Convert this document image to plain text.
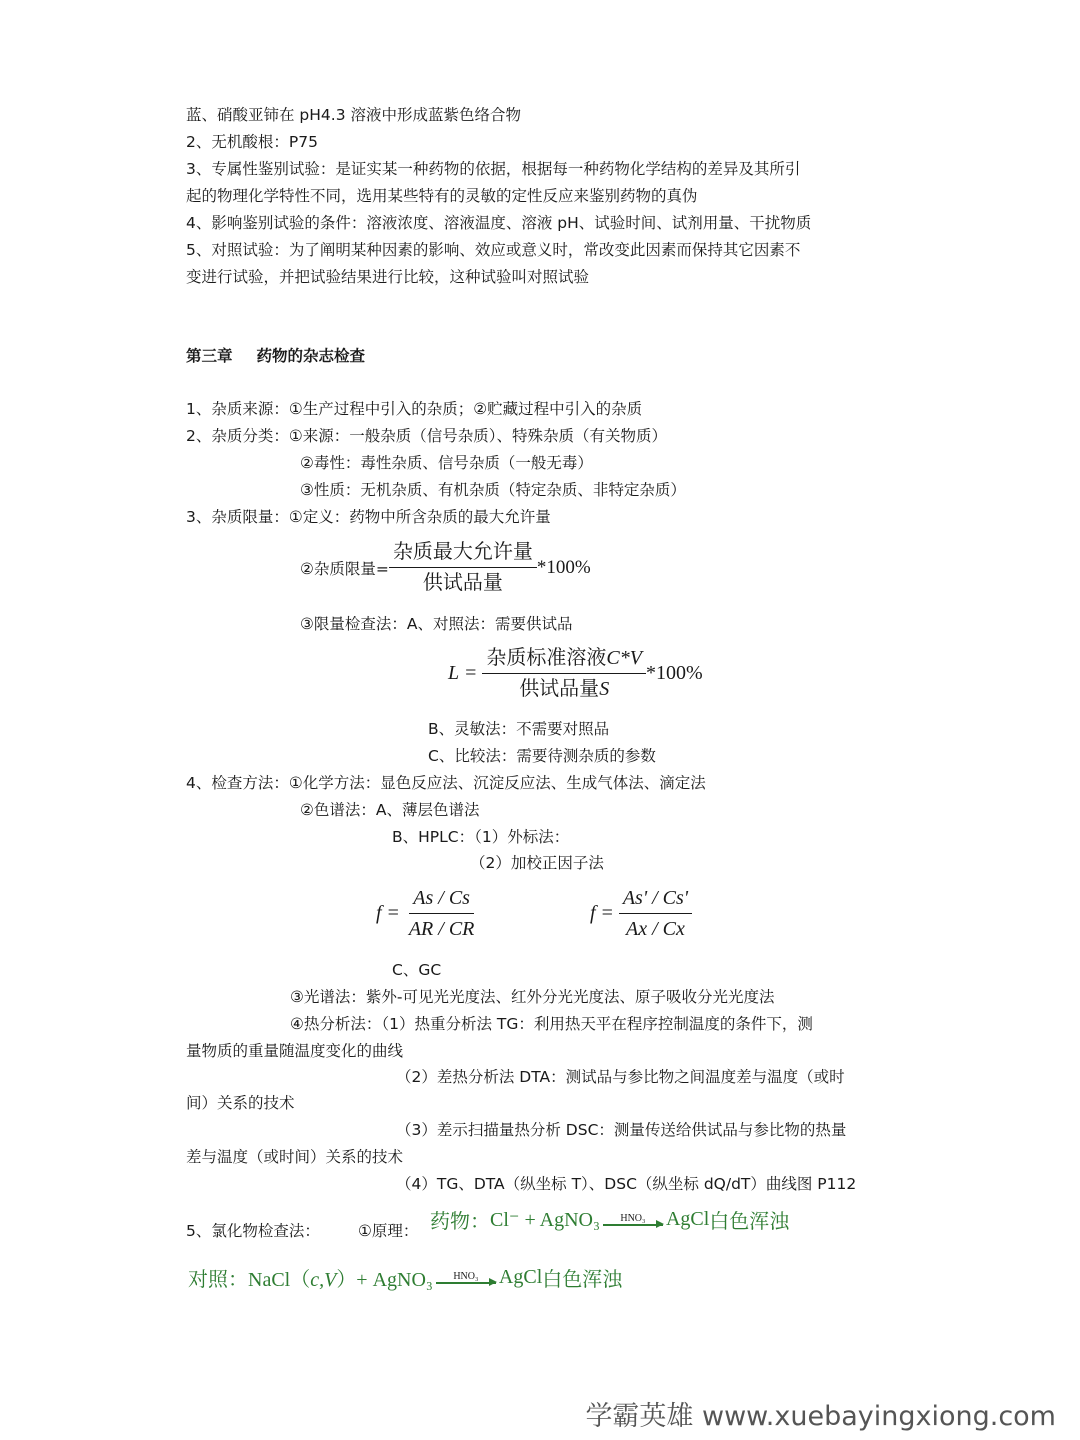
蓝、硝酸亚铈在 pH4.3 溶液中形成蓝紫色络合物
2、无机酸根：P75
3、专属性鉴别试验：是证实某一种药物的依据，根据每一种药物化学结构的差异及其所引
起的物理化学特性不同，选用某些特有的灵敏的定性反应来鉴别药物的真伪
4、影响鉴别试验的条件：溶液浓度、溶液温度、溶液 pH、试验时间、试剂用量、干扰物质
5、对照试验：为了阐明某种因素的影响、效应或意义时，常改变此因素而保持其它因素不
变进行试验，并把试验结果进行比较，这种试验叫对照试验
第三章 药物的杂志检查
1、杂质来源：①生产过程中引入的杂质；②贮藏过程中引入的杂质
2、杂质分类：①来源：一般杂质（信号杂质）、特殊杂质（有关物质）
②毒性：毒性杂质、信号杂质（一般无毒）
③性质：无机杂质、有机杂质（特定杂质、非特定杂质）
3、杂质限量：①定义：药物中所含杂质的最大允许量
②杂质限量= $\frac{\text{杂质最大允许量}}{\text{供试品量}} *100\%$
③限量检查法：A、对照法：需要供试品
$L = \frac{\text{杂质标准溶液C*V}}{\text{供试品量S}} *100\%$
B、灵敏法：不需要对照品
C、比较法：需要待测杂质的参数
4、检查方法：①化学方法：显色反应法、沉淀反应法、生成气体法、滴定法
②色谱法：A、薄层色谱法
B、HPLC：（1）外标法：
（2）加校正因子法
$f = \frac{As / Cs}{AR / CR}$	$f = \frac{As' / Cs'}{Ax / Cx}$
C、GC
③光谱法：紫外-可见光光度法、红外分光光度法、原子吸收分光光度法
④热分析法：（1）热重分析法 TG：利用热天平在程序控制温度的条件下，测
量物质的重量随温度变化的曲线
（2）差热分析法 DTA：测试品与参比物之间温度差与温度（或时
间）关系的技术
（3）差示扫描量热分析 DSC：测量传送给供试品与参比物的热量
差与温度（或时间）关系的技术
（4）TG、DTA（纵坐标 T）、DSC（纵坐标 dQ/dT）曲线图 P112
5、氯化物检查法： ①原理： 药物： Cl⁻ + AgNO₃ HNO₃ AgCl 白色浑浊
对照： NaCl（c,V）+ AgNO₃ HNO₃ AgCl 白色浑浊
学霸英雄 www.xuebayingxiong.com
